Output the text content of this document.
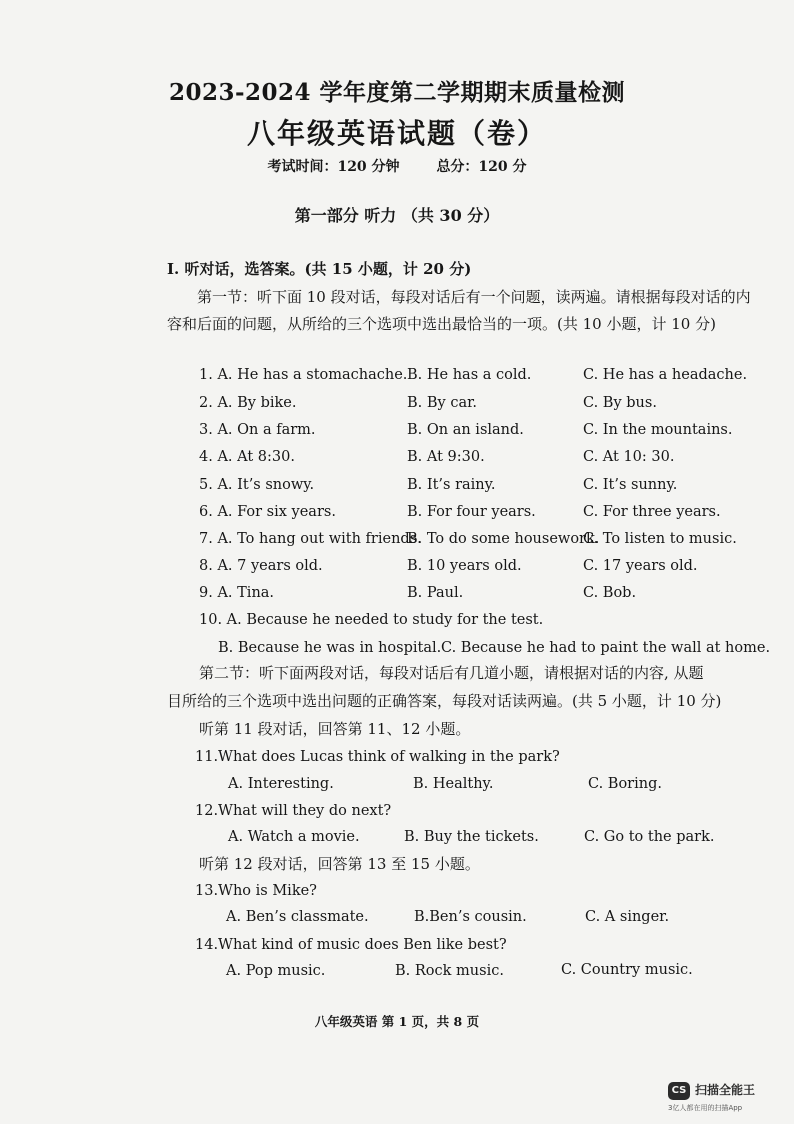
2023-2024 学年度第二学期期末质量检测
八年级英语试题（卷）
考试时间：120 分钟	总分：120 分
第一部分 听力 （共 30 分）
I. 听对话，选答案。(共 15 小题，计 20 分)
第一节：听下面 10 段对话，每段对话后有一个问题，读两遍。请根据每段对话的内容和后面的问题，从所给的三个选项中选出最恰当的一项。(共 10 小题，计 10 分)
1. A. He has a stomachache. B. He has a cold.	C. He has a headache.
2. A. By bike.	B. By car.	C. By bus.
3. A. On a farm.	B. On an island.	C. In the mountains.
4. A. At 8:30.	B. At 9:30.	C. At 10: 30.
5. A. It’s snowy.	B. It’s rainy.	C. It’s sunny.
6. A. For six years.	B. For four years.	C. For three years.
7. A. To hang out with friends.
B. To do some housework.
C. To listen to music.
8. A. 7 years old.	B. 10 years old.	C. 17 years old.
9. A. Tina.	B. Paul.	C. Bob.
10. A. Because he needed to study for the test.
B. Because he was in hospital. C. Because he had to paint the wall at home.
第二节：听下面两段对话，每段对话后有几道小题，请根据对话的内容, 从题
目所给的三个选项中选出问题的正确答案，每段对话读两遍。(共 5 小题，计 10 分)
听第 11 段对话，回答第 11、12 小题。
11.What does Lucas think of walking in the park?
A. Interesting.	B. Healthy.	C. Boring.
12.What will they do next?
A. Watch a movie.	B. Buy the tickets.	C. Go to the park.
听第 12 段对话，回答第 13 至 15 小题。
13.Who is Mike?
A. Ben’s classmate.	B.Ben’s cousin.	C. A singer.
14.What kind of music does Ben like best?
A. Pop music.	B. Rock music.	C. Country music.
八年级英语 第 1 页，共 8 页
CS 扫描全能王
3亿人都在用的扫描App
